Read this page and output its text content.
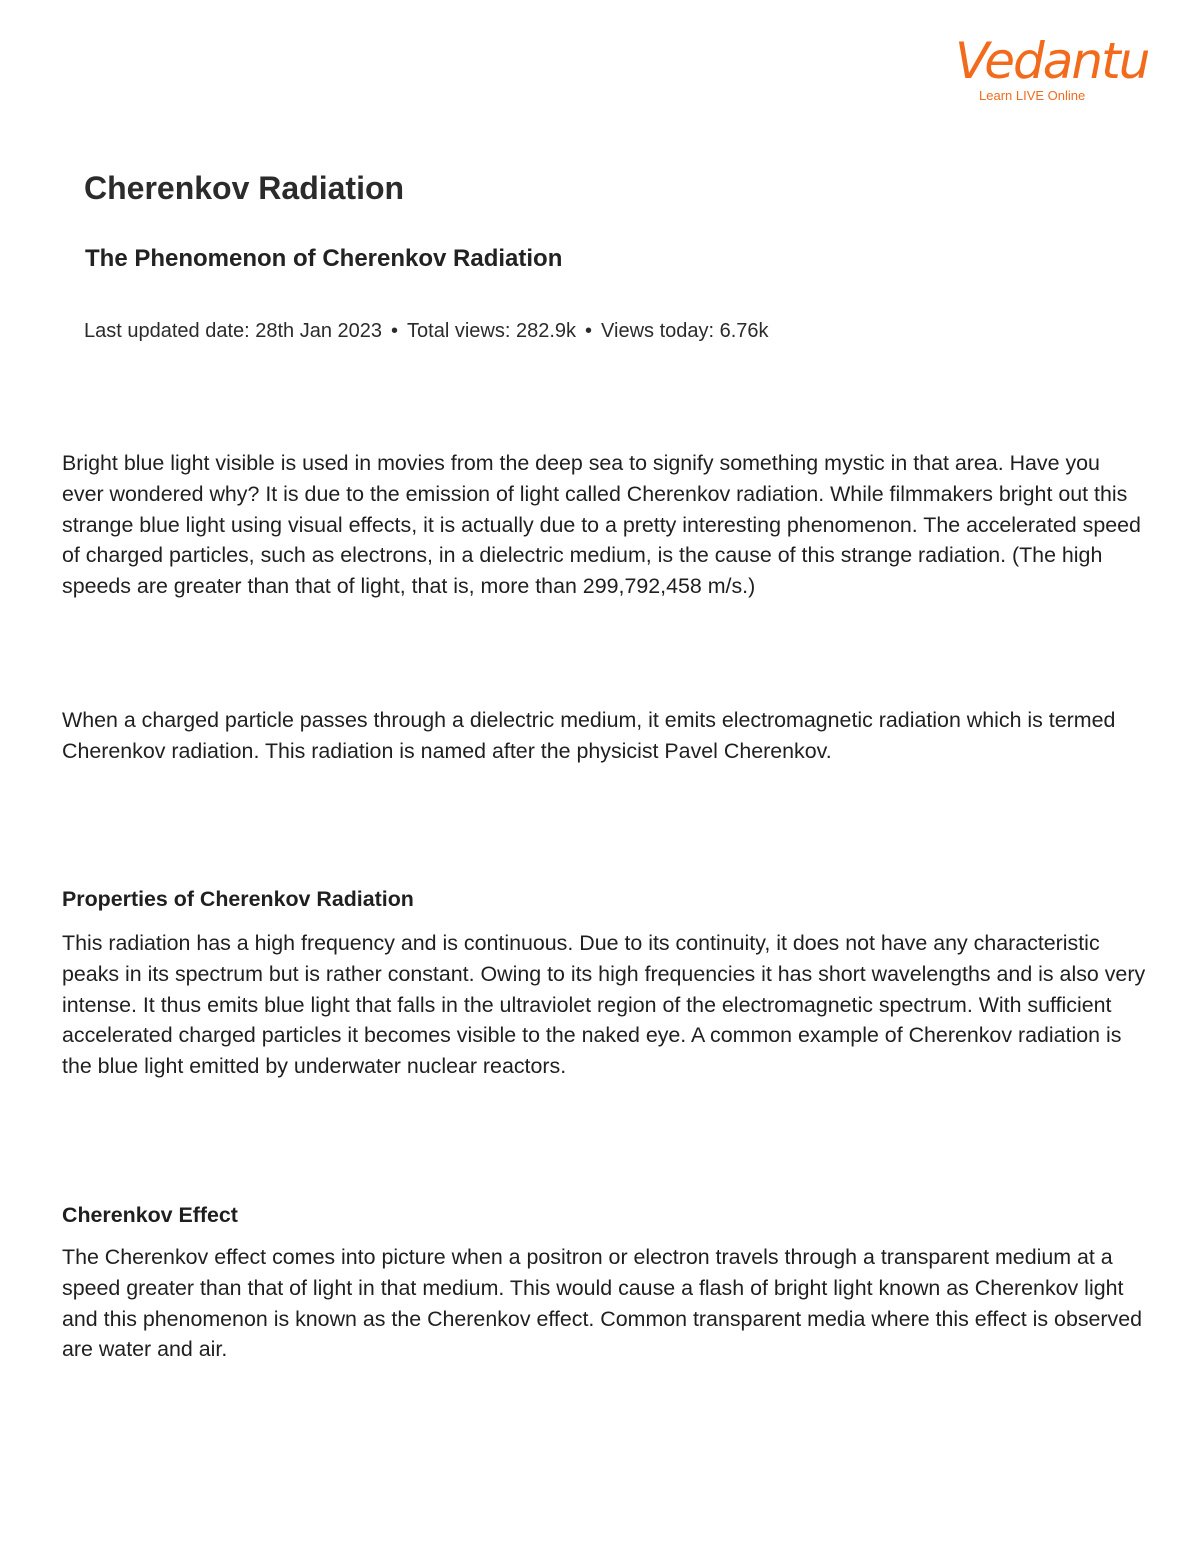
Vedantu
Learn LIVE Online
Cherenkov Radiation
The Phenomenon of Cherenkov Radiation

Last updated date: 28th Jan 2023 • Total views: 282.9k • Views today: 6.76k

Bright blue light visible is used in movies from the deep sea to signify something mystic in that area. Have you ever wondered why? It is due to the emission of light called Cherenkov radiation. While filmmakers bright out this strange blue light using visual effects, it is actually due to a pretty interesting phenomenon. The accelerated speed of charged particles, such as electrons, in a dielectric medium, is the cause of this strange radiation. (The high speeds are greater than that of light, that is, more than 299,792,458 m/s.)

When a charged particle passes through a dielectric medium, it emits electromagnetic radiation which is termed Cherenkov radiation. This radiation is named after the physicist Pavel Cherenkov.

Properties of Cherenkov Radiation

This radiation has a high frequency and is continuous. Due to its continuity, it does not have any characteristic peaks in its spectrum but is rather constant. Owing to its high frequencies it has short wavelengths and is also very intense. It thus emits blue light that falls in the ultraviolet region of the electromagnetic spectrum. With sufficient accelerated charged particles it becomes visible to the naked eye. A common example of Cherenkov radiation is the blue light emitted by underwater nuclear reactors.

Cherenkov Effect

The Cherenkov effect comes into picture when a positron or electron travels through a transparent medium at a speed greater than that of light in that medium. This would cause a flash of bright light known as Cherenkov light and this phenomenon is known as the Cherenkov effect. Common transparent media where this effect is observed are water and air.
